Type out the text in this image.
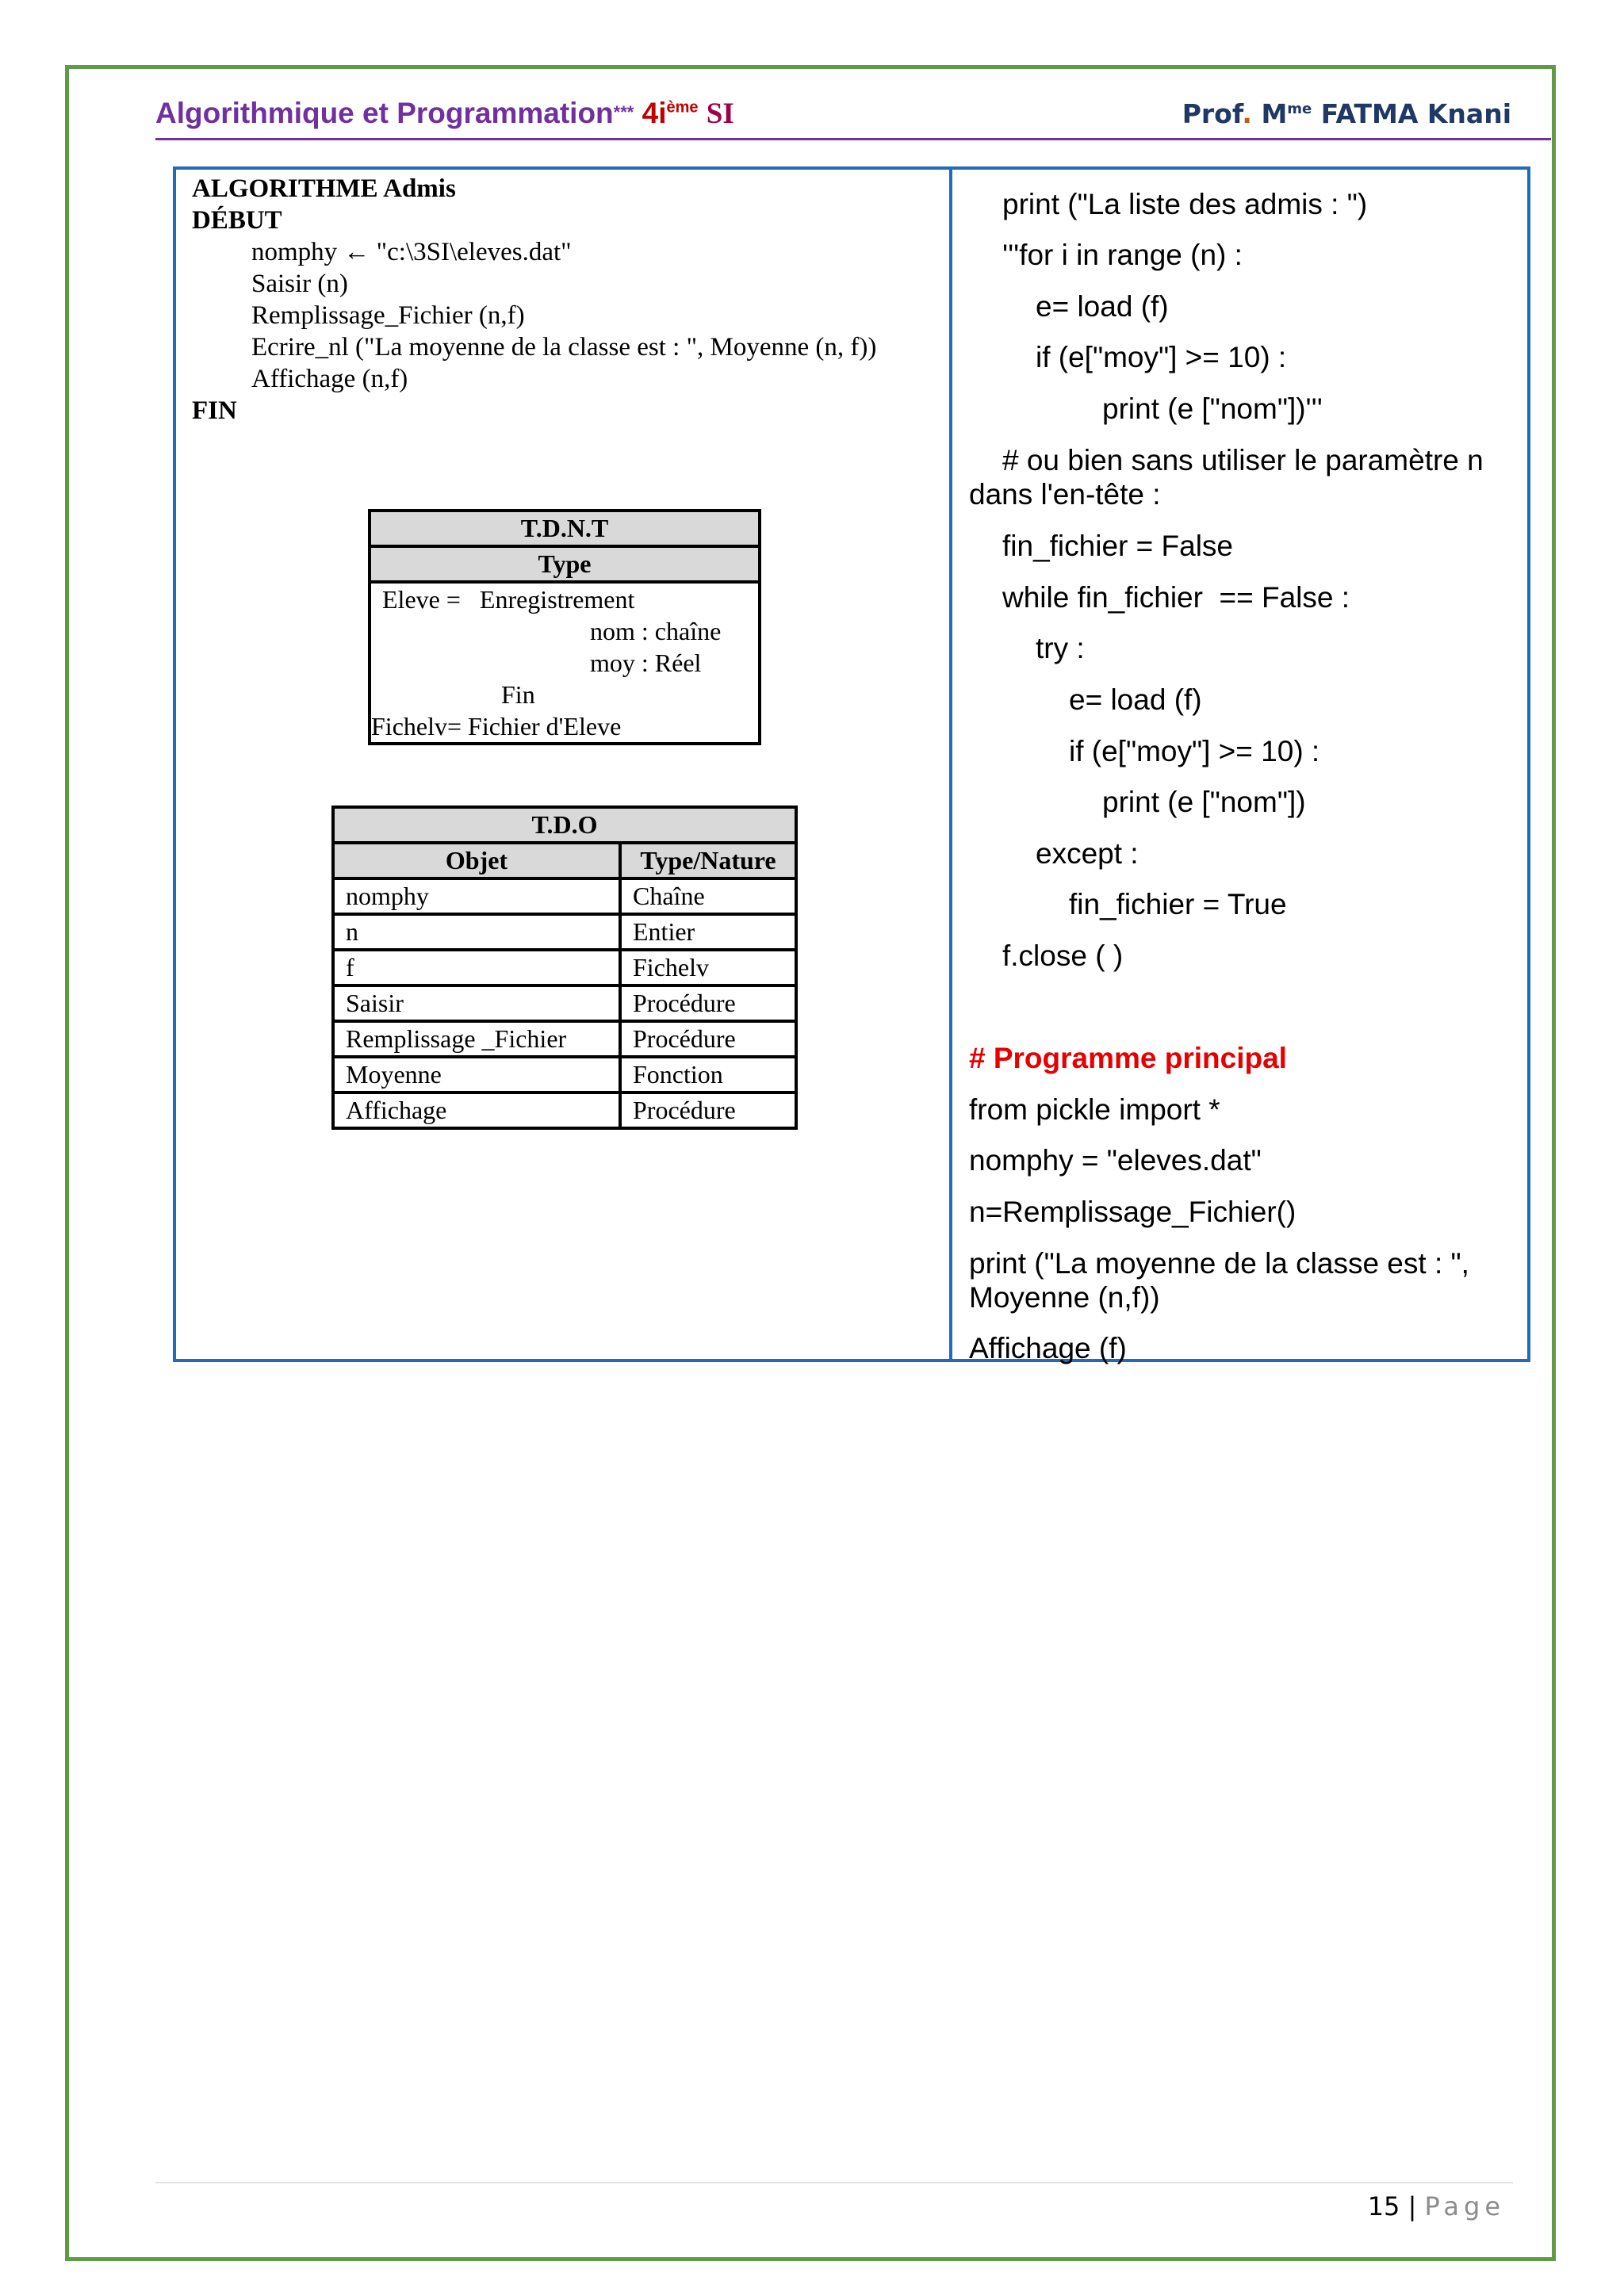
Algorithmique et Programmation*** $4i^{ème}$ SI	Prof. $M^{me}$ FATMA Knani
ALGORITHME Admis
DÉBUT
nomphy ← "c:\3SI\eleves.dat"
Saisir (n)
Remplissage_Fichier (n,f)
Ecrire_nl ("La moyenne de la classe est : ", Moyenne (n, f))
Affichage (n,f)
FIN
T.D.N.T
Type

Eleve = Enregistrement
nom : chaîne
moy : Réel
Fin
Fichelv= Fichier d'Eleve
T.D.O	
Objet	Type/Nature
nomphy	Chaîne
n	Entier
f	Fichelv
Saisir	Procédure
Remplissage _Fichier	Procédure
Moyenne	Fonction
Affichage	Procédure
print ("La liste des admis : ")
'''for i in range (n) :
e= load (f)
if (e["moy"] >= 10) :
print (e ["nom"])'''
# ou bien sans utiliser le paramètre n
dans l'en-tête :
fin_fichier = False
while fin_fichier  == False :
try :
e= load (f)
if (e["moy"] >= 10) :
print (e ["nom"])
except :
fin_fichier = True
f.close ( )
# Programme principal
from pickle import *
nomphy = "eleves.dat"
n=Remplissage_Fichier()
print ("La moyenne de la classe est : ",
Moyenne (n,f))
Affichage (f)
15 | Page
